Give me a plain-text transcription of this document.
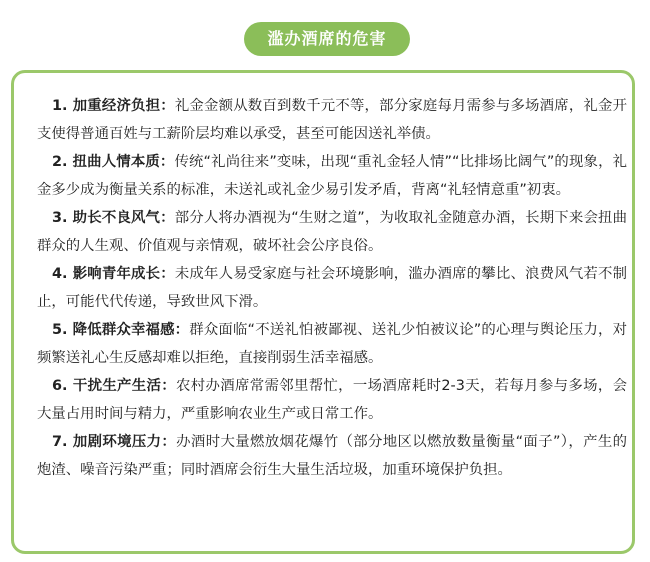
滥办酒席的危害

1. 加重经济负担：礼金金额从数百到数千元不等，部分家庭每月需参与多场酒席，礼金开支使得普通百姓与工薪阶层均难以承受，甚至可能因送礼举债。

2. 扭曲人情本质：传统“礼尚往来”变味，出现“重礼金轻人情”“比排场比阔气”的现象，礼金多少成为衡量关系的标准，未送礼或礼金少易引发矛盾，背离“礼轻情意重”初衷。

3. 助长不良风气：部分人将办酒视为“生财之道”，为收取礼金随意办酒，长期下来会扭曲群众的人生观、价值观与亲情观，破坏社会公序良俗。

4. 影响青年成长：未成年人易受家庭与社会环境影响，滥办酒席的攀比、浪费风气若不制止，可能代代传递，导致世风下滑。

5. 降低群众幸福感：群众面临“不送礼怕被鄙视、送礼少怕被议论”的心理与舆论压力，对频繁送礼心生反感却难以拒绝，直接削弱生活幸福感。

6. 干扰生产生活：农村办酒席常需邻里帮忙，一场酒席耗时2-3天，若每月参与多场，会大量占用时间与精力，严重影响农业生产或日常工作。

7. 加剧环境压力：办酒时大量燃放烟花爆竹（部分地区以燃放数量衡量“面子”），产生的炮渣、噪音污染严重；同时酒席会衍生大量生活垃圾，加重环境保护负担。
